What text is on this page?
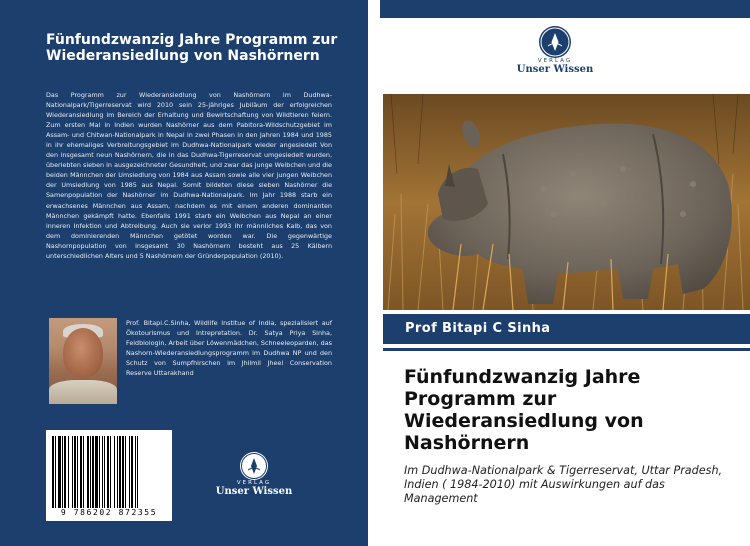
Fünfundzwanzig Jahre Programm zur Wiederansiedlung von Nashörnern

Das Programm zur Wiederansiedlung von Nashörnern im Dudhwa-Nationalpark/Tigerreservat wird 2010 sein 25-jähriges Jubiläum der erfolgreichen Wiederansiedlung im Bereich der Erhaltung und Bewirtschaftung von Wildtieren feiern. Zum ersten Mal in Indien wurden Nashörner aus dem Pabitora-Wildschutzgebiet im Assam- und Chitwan-Nationalpark in Nepal in zwei Phasen in den Jahren 1984 und 1985 in ihr ehemaliges Verbreitungsgebiet im Dudhwa-Nationalpark wieder angesiedelt Von den insgesamt neun Nashörnern, die in das Dudhwa-Tigerreservat umgesiedelt wurden, überlebten sieben in ausgezeichneter Gesundheit, und zwar das junge Weibchen und die beiden Männchen der Umsiedlung von 1984 aus Assam sowie alle vier jungen Weibchen der Umsiedlung von 1985 aus Nepal. Somit bildeten diese sieben Nashörner die Samenpopulation der Nashörner im Dudhwa-Nationalpark. Im Jahr 1988 starb ein erwachsenes Männchen aus Assam, nachdem es mit einem anderen dominanten Männchen gekämpft hatte. Ebenfalls 1991 starb ein Weibchen aus Nepal an einer inneren Infektion und Abtreibung. Auch sie verlor 1993 ihr männliches Kalb, das von dem dominierenden Männchen getötet worden war. Die gegenwärtige Nashornpopulation von insgesamt 30 Nashörnern besteht aus 25 Kälbern unterschiedlichen Alters und 5 Nashörnern der Gründerpopulation (2010).

Prof. Bitapi.C.Sinha, Wildlife Institue of India, spezialisiert auf Ökotourismus und Intrepretation. Dr. Satya Priya Sinha, Feldbiologin, Arbeit über Löwenmädchen, Schneeleoparden, das Nashorn-Wiederansiedlungsprogramm im Dudhwa NP und den Schutz von Sumpfhirschen im Jhilmil Jheel Conservation Reserve Uttarakhand

9 786202 872355
VERLAG
Unser Wissen
VERLAG
Unser Wissen

Prof Bitapi C Sinha

Fünfundzwanzig Jahre Programm zur Wiederansiedlung von Nashörnern

Im Dudhwa-Nationalpark & Tigerreservat, Uttar Pradesh, Indien ( 1984-2010) mit Auswirkungen auf das Management
